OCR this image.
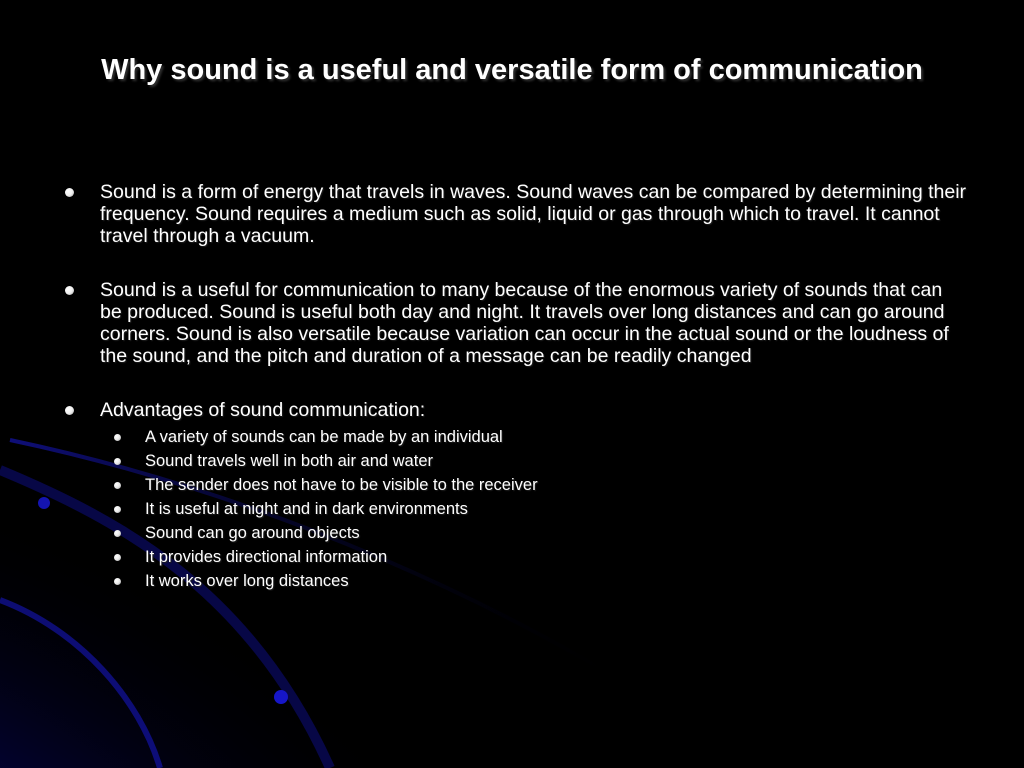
Why sound is a useful and versatile form of communication
Sound is a form of energy that travels in waves. Sound waves can be compared by determining their frequency. Sound requires a medium such as solid, liquid or gas through which to travel. It cannot travel through a vacuum.
Sound is a useful for communication to many because of the enormous variety of sounds that can be produced. Sound is useful both day and night. It travels over long distances and can go around corners. Sound is also versatile because variation can occur in the actual sound or the loudness of the sound, and the pitch and duration of a message can be readily changed
Advantages of sound communication:
A variety of sounds can be made by an individual
Sound travels well in both air and water
The sender does not have to be visible to the receiver
It is useful at night and in dark environments
Sound can go around objects
It provides directional information
It works over long distances
